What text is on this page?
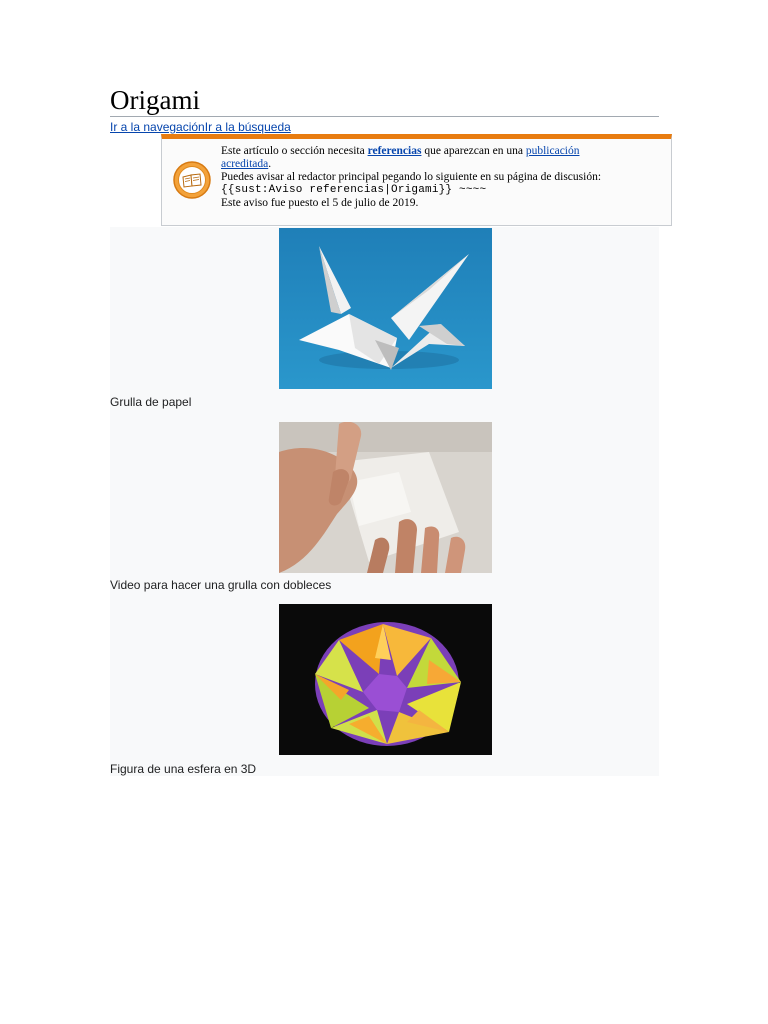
Origami
Ir a la navegaciónIr a la búsqueda
Este artículo o sección necesita referencias que aparezcan en una publicación
acreditada.
Puedes avisar al redactor principal pegando lo siguiente en su página de discusión:
{{sust:Aviso referencias|Origami}} ~~~~
Este aviso fue puesto el 5 de julio de 2019.
Grulla de papel
Video para hacer una grulla con dobleces
Figura de una esfera en 3D
